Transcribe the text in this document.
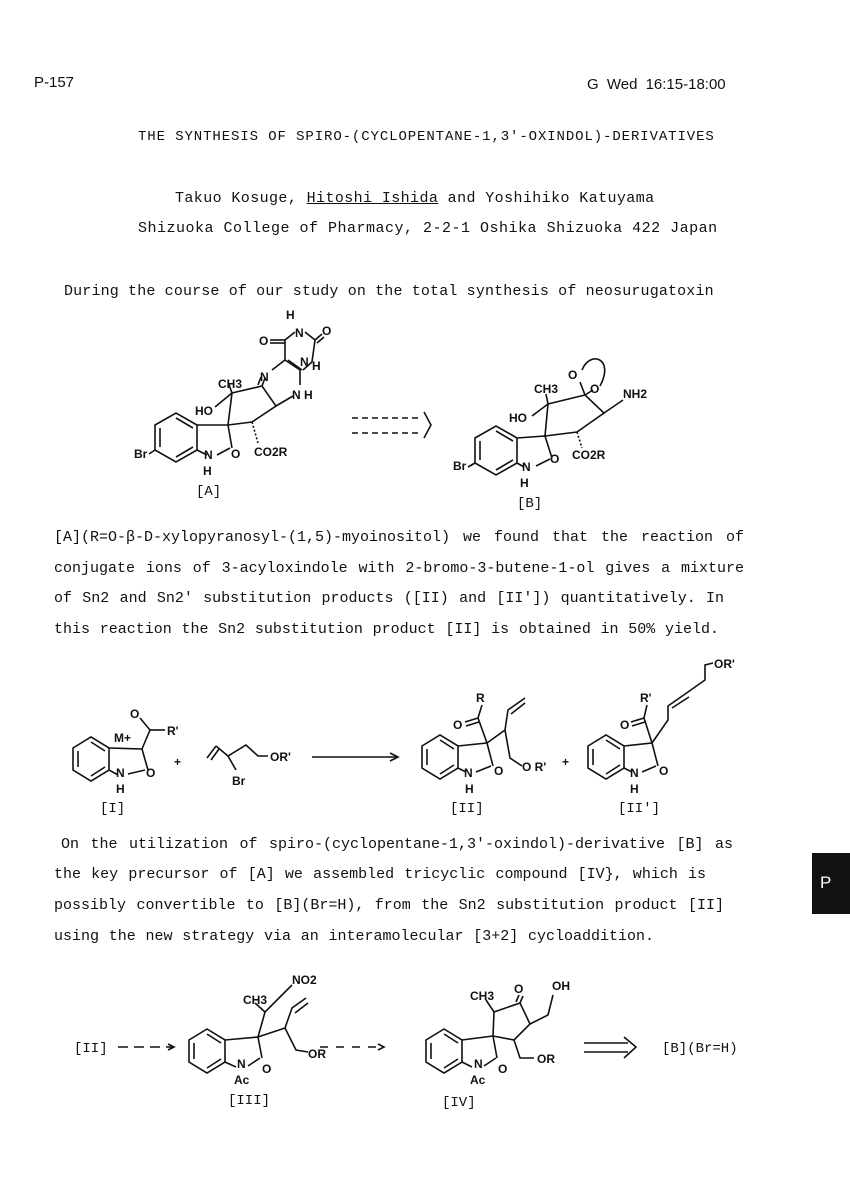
P-157	G Wed 16:15-18:00
THE SYNTHESIS OF SPIRO-(CYCLOPENTANE-1,3'-OXINDOL)-DERIVATIVES
Takuo Kosuge, Hitoshi Ishida and Yoshihiko Katuyama
Shizuoka College of Pharmacy, 2-2-1 Oshika Shizuoka 422 Japan
During the course of our study on the total synthesis of neosurugatoxin
[A](R=O-β-D-xylopyranosyl-(1,5)-myoinositol) we found that the reaction of
conjugate ions of 3-acyloxindole with 2-bromo-3-butene-1-ol gives a mixture
of Sn2 and Sn2' substitution products ([II) and [II']) quantitatively. In
this reaction the Sn2 substitution product [II] is obtained in 50% yield.
On the utilization of spiro-(cyclopentane-1,3'-oxindol)-derivative [B] as
the key precursor of [A] we assembled tricyclic compound [IV}, which is
possibly convertible to [B](Br=H), from the Sn2 substitution product [II]
using the new strategy via an interamolecular [3+2] cycloaddition.
Br	N
H
O
HO
CH3
CO2R
N
N H
N H
N
H
O
O
[A]
Br	N
H
O
HO
CH3
CO2R
O
O NH2
[B]
O
M+	R'
N
H
O
[I]
+	OR'
Br
R
O
O R'
N
H
O
[II]
+
R'
O
OR'
N
H
O
[II']
[II]
CH3
NO2
OR
N
Ac
O
[III]
CH3 O OH
OR
N
Ac
O
[IV]
[B](Br=H)
P
